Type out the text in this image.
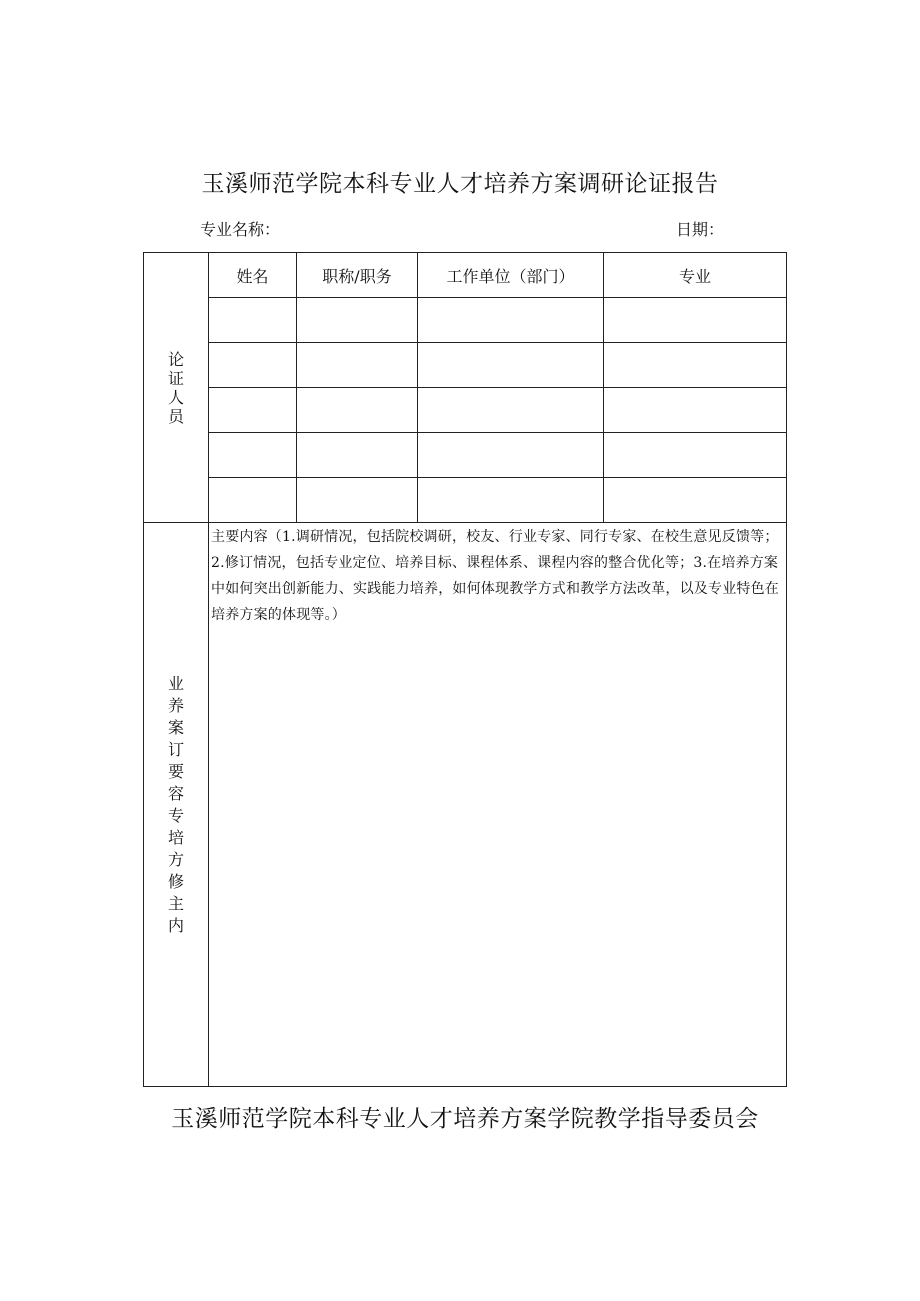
玉溪师范学院本科专业人才培养方案调研论证报告
专业名称：	日期：
论证人员	姓名	职称/职务	工作单位（部门）	专业

业养案订要容专培方修主内	主要内容（1.调研情况，包括院校调研，校友、行业专家、同行专家、在校生意见反馈等；2.修订情况，包括专业定位、培养目标、课程体系、课程内容的整合优化等；3.在培养方案中如何突出创新能力、实践能力培养，如何体现教学方式和教学方法改革，以及专业特色在培养方案的体现等。）			
玉溪师范学院本科专业人才培养方案学院教学指导委员会
